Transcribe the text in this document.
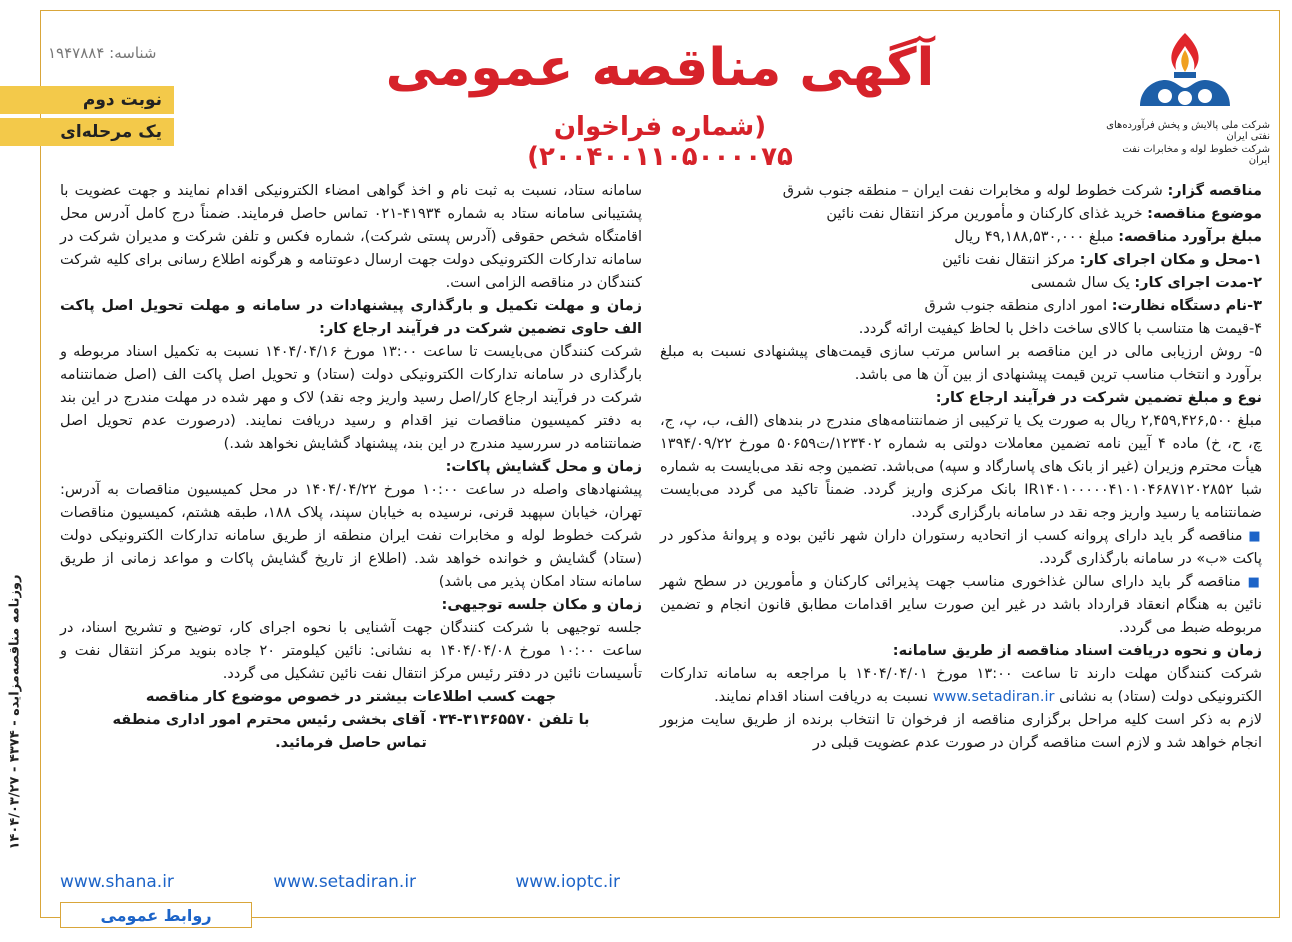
شناسه: ۱۹۴۷۸۸۴
نوبت دوم
یک مرحله‌ای
آگهی مناقصه عمومی
(شماره فراخوان ۲۰۰۴۰۰۱۱۰۵۰۰۰۰۷۵)
شرکت ملی پالایش و پخش فرآورده‌های نفتی ایران
شرکت خطوط لوله و مخابرات نفت ایران

مناقصه گزار: شرکت خطوط لوله و مخابرات نفت ایران – منطقه جنوب شرق

موضوع مناقصه: خرید غذای کارکنان و مأمورین مرکز انتقال نفت نائین

مبلغ برآورد مناقصه: مبلغ ۴۹,۱۸۸,۵۳۰,۰۰۰ ریال

۱-محل و مکان اجرای کار: مرکز انتقال نفت نائین

۲-مدت اجرای کار: یک سال شمسی

۳-نام دستگاه نظارت: امور اداری منطقه جنوب شرق

۴-قیمت ها متناسب با کالای ساخت داخل با لحاظ کیفیت ارائه گردد.

۵- روش ارزیابی مالی در این مناقصه بر اساس مرتب سازی قیمت‌های پیشنهادی نسبت به مبلغ برآورد و انتخاب مناسب ترین قیمت پیشنهادی از بین آن ها می باشد.

نوع و مبلغ تضمین شرکت در فرآیند ارجاع کار:

مبلغ ۲,۴۵۹,۴۲۶,۵۰۰ ریال به صورت یک یا ترکیبی از ضمانتنامه‌های مندرج در بندهای (الف، ب، پ، ج، چ، ح، خ) ماده ۴ آیین نامه تضمین معاملات دولتی به شماره ۱۲۳۴۰۲/ت۵۰۶۵۹ مورخ ۱۳۹۴/۰۹/۲۲ هیأت محترم وزیران (غیر از بانک های پاسارگاد و سپه) می‌باشد. تضمین وجه نقد می‌بایست به شماره شبا IR۱۴۰۱۰۰۰۰۰۴۱۰۱۰۴۶۸۷۱۲۰۲۸۵۲ بانک مرکزی واریز گردد. ضمناً تاکید می گردد می‌بایست ضمانتنامه یا رسید واریز وجه نقد در سامانه بارگزاری گردد.

■ مناقصه گر باید دارای پروانه کسب از اتحادیه رستوران داران شهر نائین بوده و پروانهٔ مذکور در پاکت «ب» در سامانه بارگذاری گردد.

■ مناقصه گر باید دارای سالن غذاخوری مناسب جهت پذیرائی کارکنان و مأمورین در سطح شهر نائین به هنگام انعقاد قرارداد باشد در غیر این صورت سایر اقدامات مطابق قانون انجام و تضمین مربوطه ضبط می گردد.

زمان و نحوه دریافت اسناد مناقصه از طریق سامانه:

شرکت کنندگان مهلت دارند تا ساعت ۱۳:۰۰ مورخ ۱۴۰۴/۰۴/۰۱ با مراجعه به سامانه تدارکات الکترونیکی دولت (ستاد) به نشانی www.setadiran.ir نسبت به دریافت اسناد اقدام نمایند.

لازم به ذکر است کلیه مراحل برگزاری مناقصه از فرخوان تا انتخاب برنده از طریق سایت مزبور انجام خواهد شد و لازم است مناقصه گران در صورت عدم عضویت قبلی در

سامانه ستاد، نسبت به ثبت نام و اخذ گواهی امضاء الکترونیکی اقدام نمایند و جهت عضویت با پشتیبانی سامانه ستاد به شماره ۴۱۹۳۴-۰۲۱ تماس حاصل فرمایند. ضمناً درج کامل آدرس محل اقامتگاه شخص حقوقی (آدرس پستی شرکت)، شماره فکس و تلفن شرکت و مدیران شرکت در سامانه تدارکات الکترونیکی دولت جهت ارسال دعوتنامه و هرگونه اطلاع رسانی برای کلیه شرکت کنندگان در مناقصه الزامی است.

زمان و مهلت تکمیل و بارگذاری پیشنهادات در سامانه و مهلت تحویل اصل پاکت الف حاوی تضمین شرکت در فرآیند ارجاع کار:

شرکت کنندگان می‌بایست تا ساعت ۱۳:۰۰ مورخ ۱۴۰۴/۰۴/۱۶ نسبت به تکمیل اسناد مربوطه و بارگذاری در سامانه تدارکات الکترونیکی دولت (ستاد) و تحویل اصل پاکت الف (اصل ضمانتنامه شرکت در فرآیند ارجاع کار/اصل رسید واریز وجه نقد) لاک و مهر شده در مهلت مندرج در این بند به دفتر کمیسیون مناقصات نیز اقدام و رسید دریافت نمایند. (درصورت عدم تحویل اصل ضمانتنامه در سررسید مندرج در این بند، پیشنهاد گشایش نخواهد شد.)

زمان و محل گشایش پاکات:

پیشنهادهای واصله در ساعت ۱۰:۰۰ مورخ ۱۴۰۴/۰۴/۲۲ در محل کمیسیون مناقصات به آدرس: تهران، خیابان سپهبد قرنی، نرسیده به خیابان سپند، پلاک ۱۸۸، طبقه هشتم، کمیسیون مناقصات شرکت خطوط لوله و مخابرات نفت ایران منطقه از طریق سامانه تدارکات الکترونیکی دولت (ستاد) گشایش و خوانده خواهد شد. (اطلاع از تاریخ گشایش پاکات و مواعد زمانی از طریق سامانه ستاد امکان پذیر می باشد)

زمان و مکان جلسه توجیهی:

جلسه توجیهی با شرکت کنندگان جهت آشنایی با نحوه اجرای کار، توضیح و تشریح اسناد، در ساعت ۱۰:۰۰ مورخ ۱۴۰۴/۰۴/۰۸ به نشانی: نائین کیلومتر ۲۰ جاده بنوید مرکز انتقال نفت و تأسیسات نائین در دفتر رئیس مرکز انتقال نفت نائین تشکیل می گردد.

جهت کسب اطلاعات بیشتر در خصوص موضوع کار مناقصه

با تلفن ۳۱۳۶۵۵۷۰-۰۳۴ آقای بخشی رئیس محترم امور اداری منطقه

تماس حاصل فرمائید.

www.shana.ir	www.setadiran.ir	www.ioptc.ir
روابط عمومی
روزنامه مناقصه‌مزایده - ۴۳۷۴ - ۱۴۰۴/۰۳/۲۷
